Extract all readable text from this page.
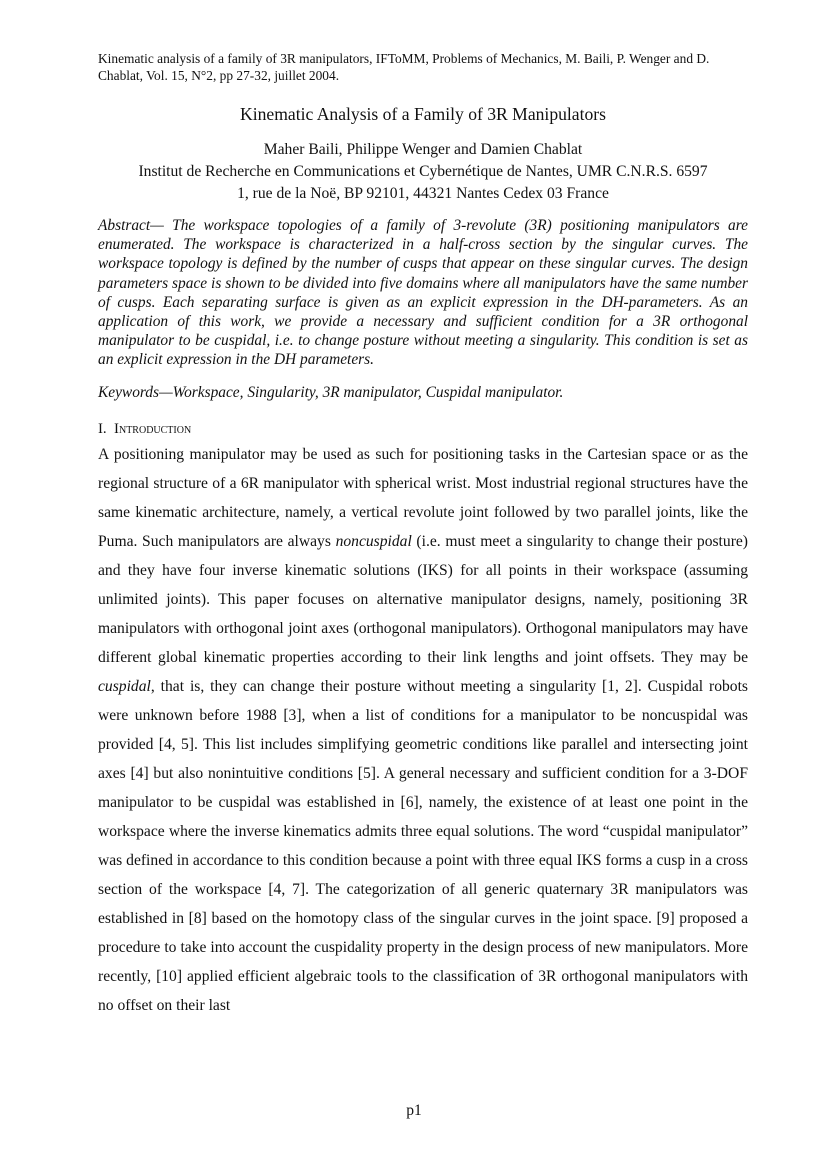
Kinematic analysis of a family of 3R manipulators, IFToMM, Problems of Mechanics, M. Baili, P. Wenger and D. Chablat, Vol. 15, N°2, pp 27-32, juillet 2004.

Kinematic Analysis of a Family of 3R Manipulators

Maher Baili, Philippe Wenger and Damien Chablat

Institut de Recherche en Communications et Cybernétique de Nantes, UMR C.N.R.S. 6597

1, rue de la Noë, BP 92101, 44321 Nantes Cedex 03 France

Abstract— The workspace topologies of a family of 3-revolute (3R) positioning manipulators are enumerated. The workspace is characterized in a half-cross section by the singular curves. The workspace topology is defined by the number of cusps that appear on these singular curves. The design parameters space is shown to be divided into five domains where all manipulators have the same number of cusps. Each separating surface is given as an explicit expression in the DH-parameters. As an application of this work, we provide a necessary and sufficient condition for a 3R orthogonal manipulator to be cuspidal, i.e. to change posture without meeting a singularity. This condition is set as an explicit expression in the DH parameters.

Keywords—Workspace, Singularity, 3R manipulator, Cuspidal manipulator.

I. Introduction

A positioning manipulator may be used as such for positioning tasks in the Cartesian space or as the regional structure of a 6R manipulator with spherical wrist. Most industrial regional structures have the same kinematic architecture, namely, a vertical revolute joint followed by two parallel joints, like the Puma. Such manipulators are always noncuspidal (i.e. must meet a singularity to change their posture) and they have four inverse kinematic solutions (IKS) for all points in their workspace (assuming unlimited joints). This paper focuses on alternative manipulator designs, namely, positioning 3R manipulators with orthogonal joint axes (orthogonal manipulators). Orthogonal manipulators may have different global kinematic properties according to their link lengths and joint offsets. They may be cuspidal, that is, they can change their posture without meeting a singularity [1, 2]. Cuspidal robots were unknown before 1988 [3], when a list of conditions for a manipulator to be noncuspidal was provided [4, 5]. This list includes simplifying geometric conditions like parallel and intersecting joint axes [4] but also nonintuitive conditions [5]. A general necessary and sufficient condition for a 3-DOF manipulator to be cuspidal was established in [6], namely, the existence of at least one point in the workspace where the inverse kinematics admits three equal solutions. The word “cuspidal manipulator” was defined in accordance to this condition because a point with three equal IKS forms a cusp in a cross section of the workspace [4, 7]. The categorization of all generic quaternary 3R manipulators was established in [8] based on the homotopy class of the singular curves in the joint space. [9] proposed a procedure to take into account the cuspidality property in the design process of new manipulators. More recently, [10] applied efficient algebraic tools to the classification of 3R orthogonal manipulators with no offset on their last

p1
